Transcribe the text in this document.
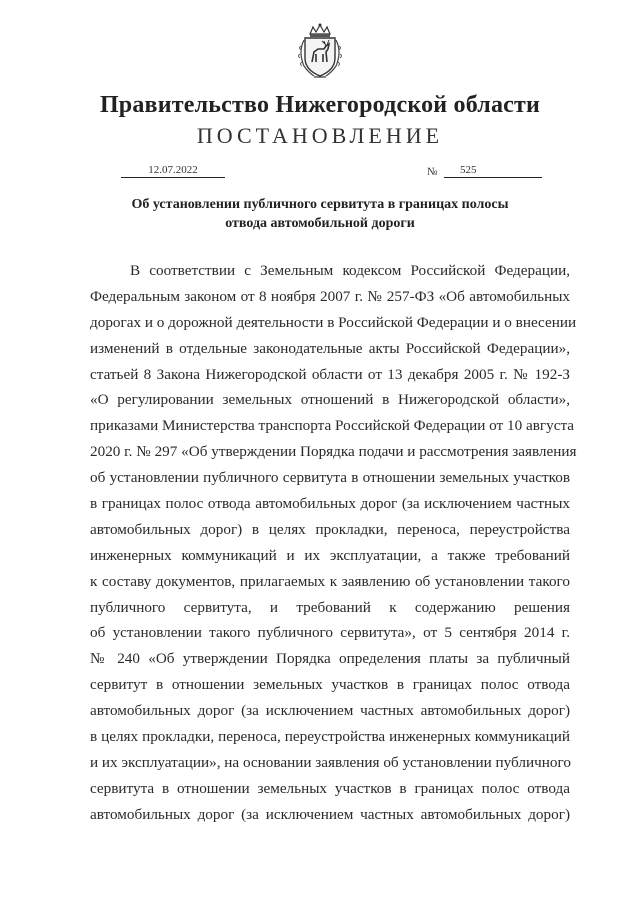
Правительство Нижегородской области
ПОСТАНОВЛЕНИЕ
12.07.2022	№	525
Об установлении публичного сервитута в границах полосы
отвода автомобильной дороги
В соответствии с Земельным кодексом Российской Федерации,
Федеральным законом от 8 ноября 2007 г. № 257-ФЗ «Об автомобильных
дорогах и о дорожной деятельности в Российской Федерации и о внесении
изменений в отдельные законодательные акты Российской Федерации»,
статьей 8 Закона Нижегородской области от 13 декабря 2005 г. № 192-З
«О регулировании земельных отношений в Нижегородской области»,
приказами Министерства транспорта Российской Федерации от 10 августа
2020 г. № 297 «Об утверждении Порядка подачи и рассмотрения заявления
об установлении публичного сервитута в отношении земельных участков
в границах полос отвода автомобильных дорог (за исключением частных
автомобильных дорог) в целях прокладки, переноса, переустройства
инженерных коммуникаций и их эксплуатации, а также требований
к составу документов, прилагаемых к заявлению об установлении такого
публичного сервитута, и требований к содержанию решения
об установлении такого публичного сервитута», от 5 сентября 2014 г.
№ 240 «Об утверждении Порядка определения платы за публичный
сервитут в отношении земельных участков в границах полос отвода
автомобильных дорог (за исключением частных автомобильных дорог)
в целях прокладки, переноса, переустройства инженерных коммуникаций
и их эксплуатации», на основании заявления об установлении публичного
сервитута в отношении земельных участков в границах полос отвода
автомобильных дорог (за исключением частных автомобильных дорог)
